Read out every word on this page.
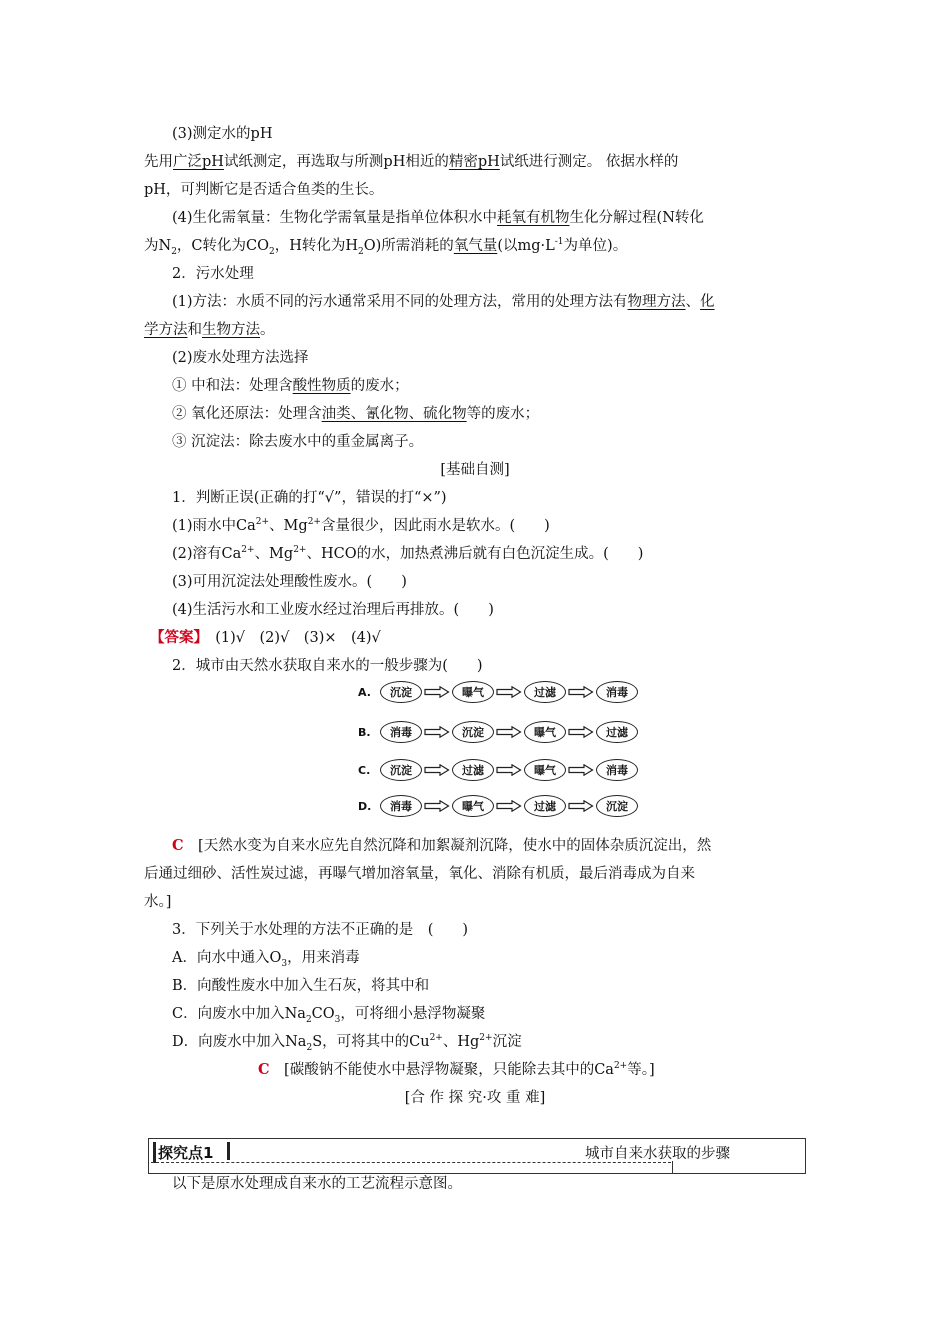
(3)测定水的pH
先用广泛pH试纸测定，再选取与所测pH相近的精密pH试纸进行测定。 依据水样的
pH，可判断它是否适合鱼类的生长。
(4)生化需氧量：生物化学需氧量是指单位体积水中耗氧有机物生化分解过程(N转化
为$N_2$，C转化为$CO_2$，H转化为$H_2O$)所需消耗的氧气量(以$mg\cdot L^{-1}$为单位)。
2．污水处理
(1)方法：水质不同的污水通常采用不同的处理方法，常用的处理方法有物理方法、化
学方法和生物方法。
(2)废水处理方法选择
① 中和法：处理含酸性物质的废水；
② 氧化还原法：处理含油类、氰化物、硫化物等的废水；
③ 沉淀法：除去废水中的重金属离子。
[基础自测]
1．判断正误(正确的打“√”，错误的打“×”)
(1)雨水中$Ca^{2+}$、$Mg^{2+}$含量很少，因此雨水是软水。(　　)
(2)溶有$Ca^{2+}$、$Mg^{2+}$、HCO的水，加热煮沸后就有白色沉淀生成。(　　)
(3)可用沉淀法处理酸性废水。(　　)
(4)生活污水和工业废水经过治理后再排放。(　　)
【答案】　(1)√　(2)√　(3)×　(4)√
2．城市由天然水获取自来水的一般步骤为(　　)
A.	沉淀	曝气	过滤	消毒
B.	消毒	沉淀	曝气	过滤
C.	沉淀	过滤	曝气	消毒
D.	消毒	曝气	过滤	沉淀
C　[天然水变为自来水应先自然沉降和加絮凝剂沉降，使水中的固体杂质沉淀出，然
后通过细砂、活性炭过滤，再曝气增加溶氧量，氧化、消除有机质，最后消毒成为自来
水。]
3．下列关于水处理的方法不正确的是　(　　)
A．向水中通入$O_3$，用来消毒
B．向酸性废水中加入生石灰，将其中和
C．向废水中加入$Na_2CO_3$，可将细小悬浮物凝聚
D．向废水中加入$Na_2S$，可将其中的$Cu^{2+}$、$Hg^{2+}$沉淀
C　[碳酸钠不能使水中悬浮物凝聚，只能除去其中的$Ca^{2+}$等。]
[合 作 探 究·攻 重 难]
探究点1	城市自来水获取的步骤
以下是原水处理成自来水的工艺流程示意图。
